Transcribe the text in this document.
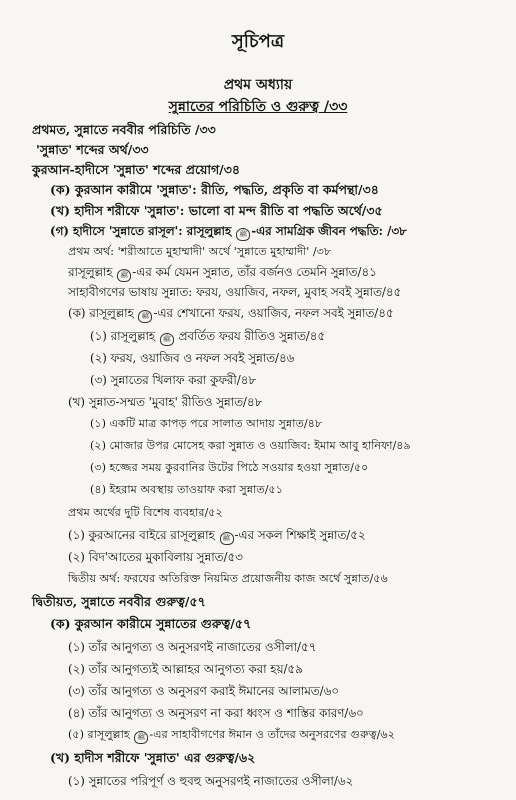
সূচিপত্র
প্রথম অধ্যায়
সুন্নাতের পরিচিতি ও গুরুত্ব /৩৩
প্রথমত, সুন্নাতে নববীর পরিচিতি /৩৩
'সুন্নাত' শব্দের অর্থ/৩৩
কুরআন-হাদীসে 'সুন্নাত' শব্দের প্রয়োগ/৩৪
(ক) কুরআন কারীমে 'সুন্নাত': রীতি, পদ্ধতি, প্রকৃতি বা কর্মপন্থা/৩৪
(খ) হাদীস শরীফে 'সুন্নাত': ভালো বা মন্দ রীতি বা পদ্ধতি অর্থে/৩৫
(গ) হাদীসে 'সুন্নাতে রাসূল': রাসূলুল্লাহ ﷺ -এর সামগ্রিক জীবন পদ্ধতি: /৩৮
প্রথম অর্থ: 'শরীআতে মুহাম্মাদী' অর্থে 'সুন্নাতে মুহাম্মাদী' /৩৮
রাসূলুল্লাহ ﷺ -এর কর্ম যেমন সুন্নাত, তাঁর বর্জনও তেমনি সুন্নাত/৪১
সাহাবীগণের ভাষায় সুন্নাত: ফরয, ওয়াজিব, নফল, মুবাহ সবই সুন্নাত/৪৫
(ক) রাসূলুল্লাহ ﷺ -এর শেখানো ফরয, ওয়াজিব, নফল সবই সুন্নাত/৪৫
(১) রাসূলুল্লাহ ﷺ প্রবর্তিত ফরয রীতিও সুন্নাত/৪৫
(২) ফরয, ওয়াজিব ও নফল সবই সুন্নাত/৪৬
(৩) সুন্নাতের খিলাফ করা কুফরী/৪৮
(খ) সুন্নাত-সম্মত 'মুবাহ' রীতিও সুন্নাত/৪৮
(১) একটি মাত্র কাপড় পরে সালাত আদায় সুন্নাত/৪৮
(২) মোজার উপর মোসেহ করা সুন্নাত ও ওয়াজিব: ইমাম আবু হানিফা/৪৯
(৩) হজ্জের সময় কুরবানির উটের পিঠে সওয়ার হওয়া সুন্নাত/৫০
(৪) ইহরাম অবস্থায় তাওয়াফ করা সুন্নাত/৫১
প্রথম অর্থের দুটি বিশেষ ব্যবহার/৫২
(১) কুরআনের বাইরে রাসূলুল্লাহ ﷺ -এর সকল শিক্ষাই সুন্নাত/৫২
(২) বিদ'আতের মুকাবিলায় সুন্নাত/৫৩
দ্বিতীয় অর্থ: ফরযের অতিরিক্ত নিয়মিত প্রয়োজনীয় কাজ অর্থে সুন্নাত/৫৬
দ্বিতীয়ত, সুন্নাতে নববীর গুরুত্ব/৫৭
(ক) কুরআন কারীমে সুন্নাতের গুরুত্ব/৫৭
(১) তাঁর আনুগত্য ও অনুসরণই নাজাতের ওসীলা/৫৭
(২) তাঁর আনুগত্যই আল্লাহর আনুগত্য করা হয়/৫৯
(৩) তাঁর আনুগত্য ও অনুসরণ করাই ঈমানের আলামত/৬০
(৪) তাঁর আনুগত্য ও অনুসরণ না করা ধ্বংস ও শাস্তির কারণ/৬০
(৫) রাসূলুল্লাহ ﷺ -এর সাহাবীগণের ঈমান ও তাঁদের অনুসরণের গুরুত্ব/৬২
(খ) হাদীস শরীফে 'সুন্নাত' এর গুরুত্ব/৬২
(১) সুন্নাতের পরিপূর্ণ ও হুবহু অনুসরণই নাজাতের ওসীলা/৬২
